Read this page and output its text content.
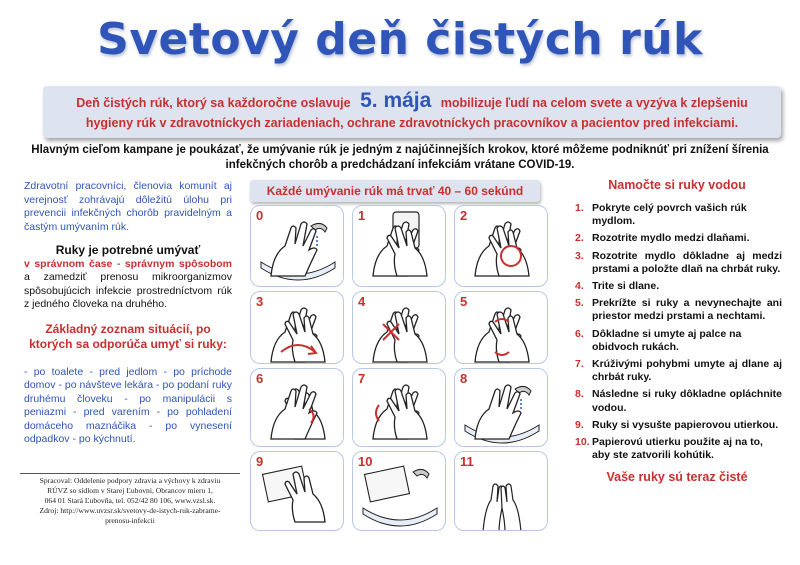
Svetový deň čistých rúk
Deň čistých rúk, ktorý sa každoročne oslavuje 5. mája mobilizuje ľudí na celom svete a vyzýva k zlepšeniu
hygieny rúk v zdravotníckych zariadeniach, ochrane zdravotníckych pracovníkov a pacientov pred infekciami.
Hlavným cieľom kampane je poukázať, že umývanie rúk je jedným z najúčinnejších krokov, ktoré môžeme podniknúť pri znížení šírenia
infekčných chorôb a predchádzaní infekciám vrátane COVID-19.

Zdravotní pracovníci, členovia komunít aj verejnosť zohrávajú dôležitú úlohu pri prevencii infekčných chorôb pravidelným a častým umývaním rúk.

Ruky je potrebné umývať

v správnom čase - správnym spôsobom a zamedziť prenosu mikroorganizmov spôsobujúcich infekcie prostredníctvom rúk z jedného človeka na druhého.

Základný zoznam situácií, po ktorých sa odporúča umyť si ruky:

- po toalete - pred jedlom - po príchode domov - po návšteve lekára - po podaní ruky druhému človeku - po manipulácii s peniazmi - pred varením - po pohladení domáceho maznáčika - po vynesení odpadkov - po kýchnutí.

Spracoval: Oddelenie podpory zdravia a výchovy k zdraviu
RÚVZ so sídlom v Starej Ľubovni, Obrancov mieru 1,
064 01 Stará Ľubovňa, tel. 052/42 80 106, www.vzsl.sk.
Zdroj: http://www.uvzsr.sk/svetovy-de-istych-ruk-zabrame-
prenosu-infekcii
Každé umývanie rúk má trvať 40 – 60 sekúnd
0	1	2
3	4	5
6	7	8
9	10	11
Namočte si ruky vodou
1. Pokryte celý povrch vašich rúk mydlom.
2. Rozotrite mydlo medzi dlaňami.
3. Rozotrite mydlo dôkladne aj medzi prstami a položte dlaň na chrbát ruky.
4. Trite si dlane.
5. Prekrížte si ruky a nevynechajte ani priestor medzi prstami a nechtami.
6. Dôkladne si umyte aj palce na obidvoch rukách.
7. Krúživými pohybmi umyte aj dlane aj chrbát ruky.
8. Následne si ruky dôkladne opláchnite vodou.
9. Ruky si vysušte papierovou utierkou.
10. Papierovú utierku použite aj na to, aby ste zatvorili kohútik.
Vaše ruky sú teraz čisté
